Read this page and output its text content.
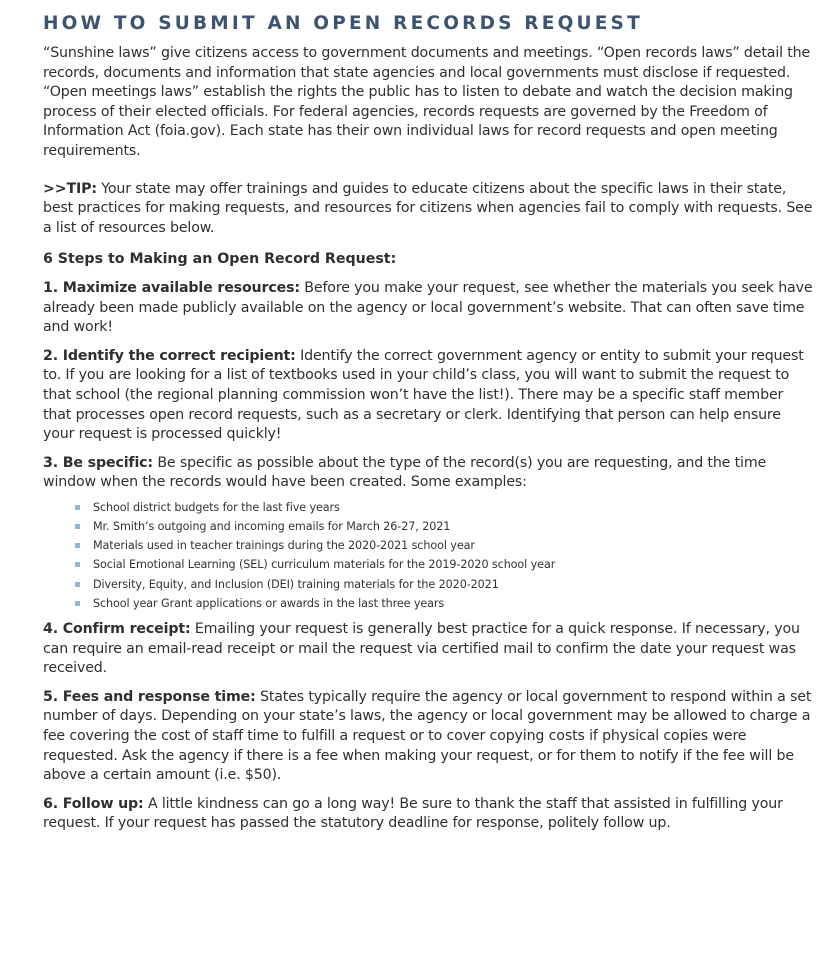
HOW TO SUBMIT AN OPEN RECORDS REQUEST

“Sunshine laws” give citizens access to government documents and meetings. “Open records laws” detail the records, documents and information that state agencies and local governments must disclose if requested. “Open meetings laws” establish the rights the public has to listen to debate and watch the decision making process of their elected officials. For federal agencies, records requests are governed by the Freedom of Information Act (foia.gov). Each state has their own individual laws for record requests and open meeting requirements.

>>TIP: Your state may offer trainings and guides to educate citizens about the specific laws in their state, best practices for making requests, and resources for citizens when agencies fail to comply with requests. See a list of resources below.

6 Steps to Making an Open Record Request:

1. Maximize available resources: Before you make your request, see whether the materials you seek have already been made publicly available on the agency or local government’s website. That can often save time and work!

2. Identify the correct recipient: Identify the correct government agency or entity to submit your request to. If you are looking for a list of textbooks used in your child’s class, you will want to submit the request to that school (the regional planning commission won’t have the list!). There may be a specific staff member that processes open record requests, such as a secretary or clerk. Identifying that person can help ensure your request is processed quickly!

3. Be specific: Be specific as possible about the type of the record(s) you are requesting, and the time window when the records would have been created. Some examples:

School district budgets for the last five years
Mr. Smith’s outgoing and incoming emails for March 26-27, 2021
Materials used in teacher trainings during the 2020-2021 school year
Social Emotional Learning (SEL) curriculum materials for the 2019-2020 school year
Diversity, Equity, and Inclusion (DEI) training materials for the 2020-2021
School year Grant applications or awards in the last three years

4. Confirm receipt: Emailing your request is generally best practice for a quick response. If necessary, you can require an email-read receipt or mail the request via certified mail to confirm the date your request was received.

5. Fees and response time: States typically require the agency or local government to respond within a set number of days. Depending on your state’s laws, the agency or local government may be allowed to charge a fee covering the cost of staff time to fulfill a request or to cover copying costs if physical copies were requested. Ask the agency if there is a fee when making your request, or for them to notify if the fee will be above a certain amount (i.e. $50).

6. Follow up: A little kindness can go a long way! Be sure to thank the staff that assisted in fulfilling your request. If your request has passed the statutory deadline for response, politely follow up.
